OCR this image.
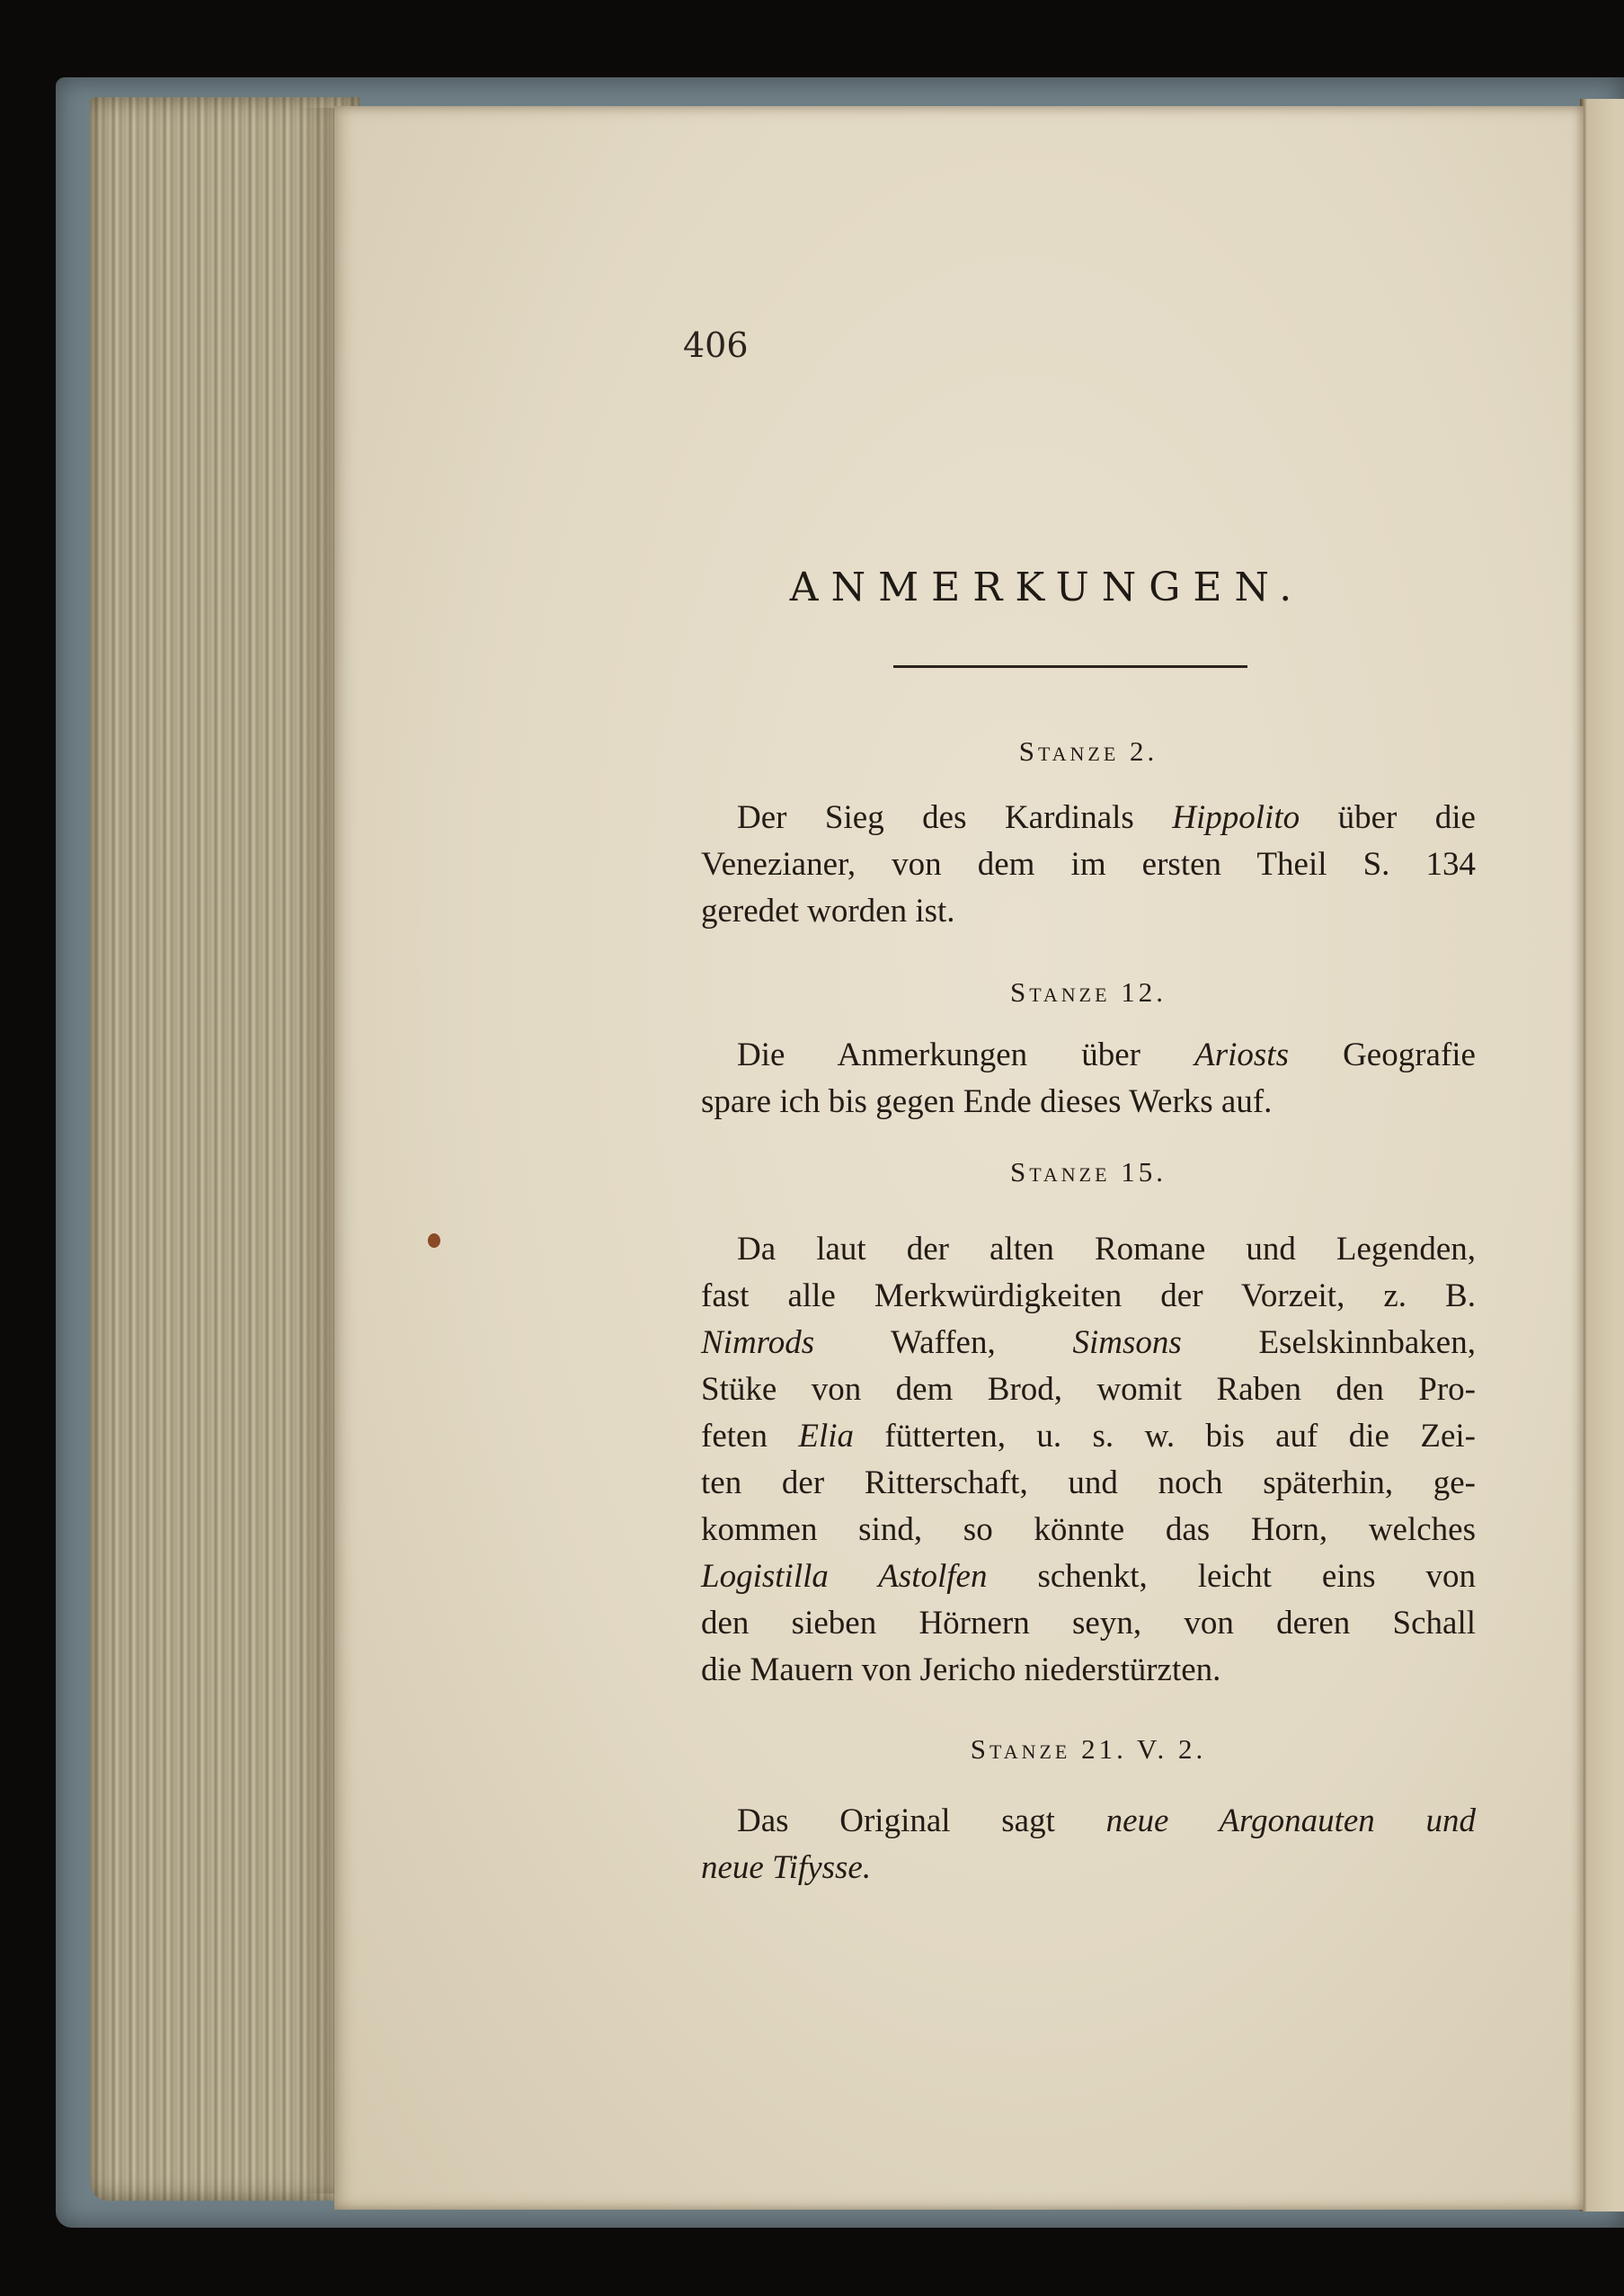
406
ANMERKUNGEN.
Stanze 2.
Der Sieg des Kardinals Hippolito über die
Venezianer, von dem im ersten Theil S. 134
geredet worden ist.
Stanze 12.
Die Anmerkungen über Ariosts Geografie
spare ich bis gegen Ende dieses Werks auf.
Stanze 15.
Da laut der alten Romane und Legenden,
fast alle Merkwürdigkeiten der Vorzeit, z. B.
Nimrods Waffen, Simsons Eselskinnbaken,
Stüke von dem Brod, womit Raben den Pro-
feten Elia fütterten, u. s. w. bis auf die Zei-
ten der Ritterschaft, und noch späterhin, ge-
kommen sind, so könnte das Horn, welches
Logistilla Astolfen schenkt, leicht eins von
den sieben Hörnern seyn, von deren Schall
die Mauern von Jericho niederstürzten.
Stanze 21. V. 2.
Das Original sagt neue Argonauten und
neue Tifysse.
